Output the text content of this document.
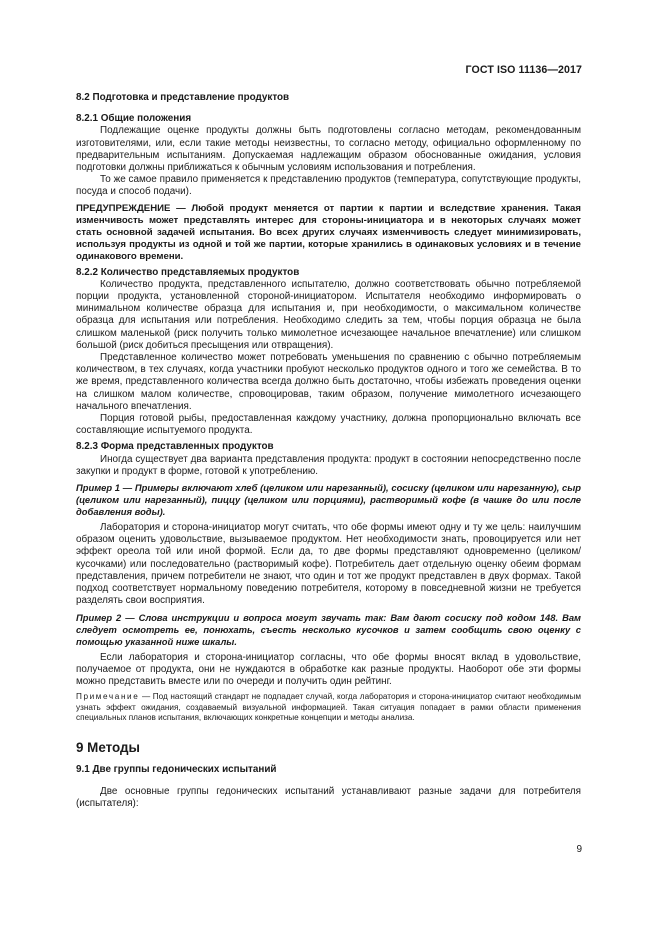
ГОСТ ISO 11136—2017
8.2 Подготовка и представление продуктов
8.2.1 Общие положения

Подлежащие оценке продукты должны быть подготовлены согласно методам, рекомендованным изготовителями, или, если такие методы неизвестны, то согласно методу, официально оформленному по предварительным испытаниям. Допускаемая надлежащим образом обоснованные ожидания, условия подготовки должны приближаться к обычным условиям использования и потребления.

То же самое правило применяется к представлению продуктов (температура, сопутствующие продукты, посуда и способ подачи).

ПРЕДУПРЕЖДЕНИЕ — Любой продукт меняется от партии к партии и вследствие хранения. Такая изменчивость может представлять интерес для стороны-инициатора и в некоторых случаях может стать основной задачей испытания. Во всех других случаях изменчивость следует минимизировать, используя продукты из одной и той же партии, которые хранились в одинаковых условиях и в течение одинакового времени.
8.2.2 Количество представляемых продуктов

Количество продукта, представленного испытателю, должно соответствовать обычно потребляемой порции продукта, установленной стороной-инициатором. Испытателя необходимо информировать о минимальном количестве образца для испытания и, при необходимости, о максимальном количестве образца для испытания или потребления. Необходимо следить за тем, чтобы порция образца не была слишком маленькой (риск получить только мимолетное исчезающее начальное впечатление) или слишком большой (риск добиться пресыщения или отвращения).

Представленное количество может потребовать уменьшения по сравнению с обычно потребляемым количеством, в тех случаях, когда участники пробуют несколько продуктов одного и того же семейства. В то же время, представленного количества всегда должно быть достаточно, чтобы избежать проведения оценки на слишком малом количестве, спровоцировав, таким образом, получение мимолетного исчезающего начального впечатления.

Порция готовой рыбы, предоставленная каждому участнику, должна пропорционально включать все составляющие испытуемого продукта.

8.2.3 Форма представленных продуктов

Иногда существует два варианта представления продукта: продукт в состоянии непосредственно после закупки и продукт в форме, готовой к употреблению.

Пример 1 — Примеры включают хлеб (целиком или нарезанный), сосиску (целиком или нарезанную), сыр (целиком или нарезанный), пиццу (целиком или порциями), растворимый кофе (в чашке до или после добавления воды).

Лаборатория и сторона-инициатор могут считать, что обе формы имеют одну и ту же цель: наилучшим образом оценить удовольствие, вызываемое продуктом. Нет необходимости знать, провоцируется или нет эффект ореола той или иной формой. Если да, то две формы представляют одновременно (целиком/кусочками) или последовательно (растворимый кофе). Потребитель дает отдельную оценку обеим формам представления, причем потребители не знают, что один и тот же продукт представлен в двух формах. Такой подход соответствует нормальному поведению потребителя, которому в повседневной жизни не требуется разделять свои восприятия.

Пример 2 — Слова инструкции и вопроса могут звучать так: Вам дают сосиску под кодом 148. Вам следует осмотреть ее, понюхать, съесть несколько кусочков и затем сообщить свою оценку с помощью указанной ниже шкалы.

Если лаборатория и сторона-инициатор согласны, что обе формы вносят вклад в удовольствие, получаемое от продукта, они не нуждаются в обработке как разные продукты. Наоборот обе эти формы можно представить вместе или по очереди и получить один рейтинг.

Примечание — Под настоящий стандарт не подпадает случай, когда лаборатория и сторона-инициатор считают необходимым узнать эффект ожидания, создаваемый визуальной информацией. Такая ситуация попадает в рамки области применения специальных планов испытания, включающих конкретные концепции и методы анализа.
9 Методы
9.1 Две группы гедонических испытаний

Две основные группы гедонических испытаний устанавливают разные задачи для потребителя (испытателя):

9
